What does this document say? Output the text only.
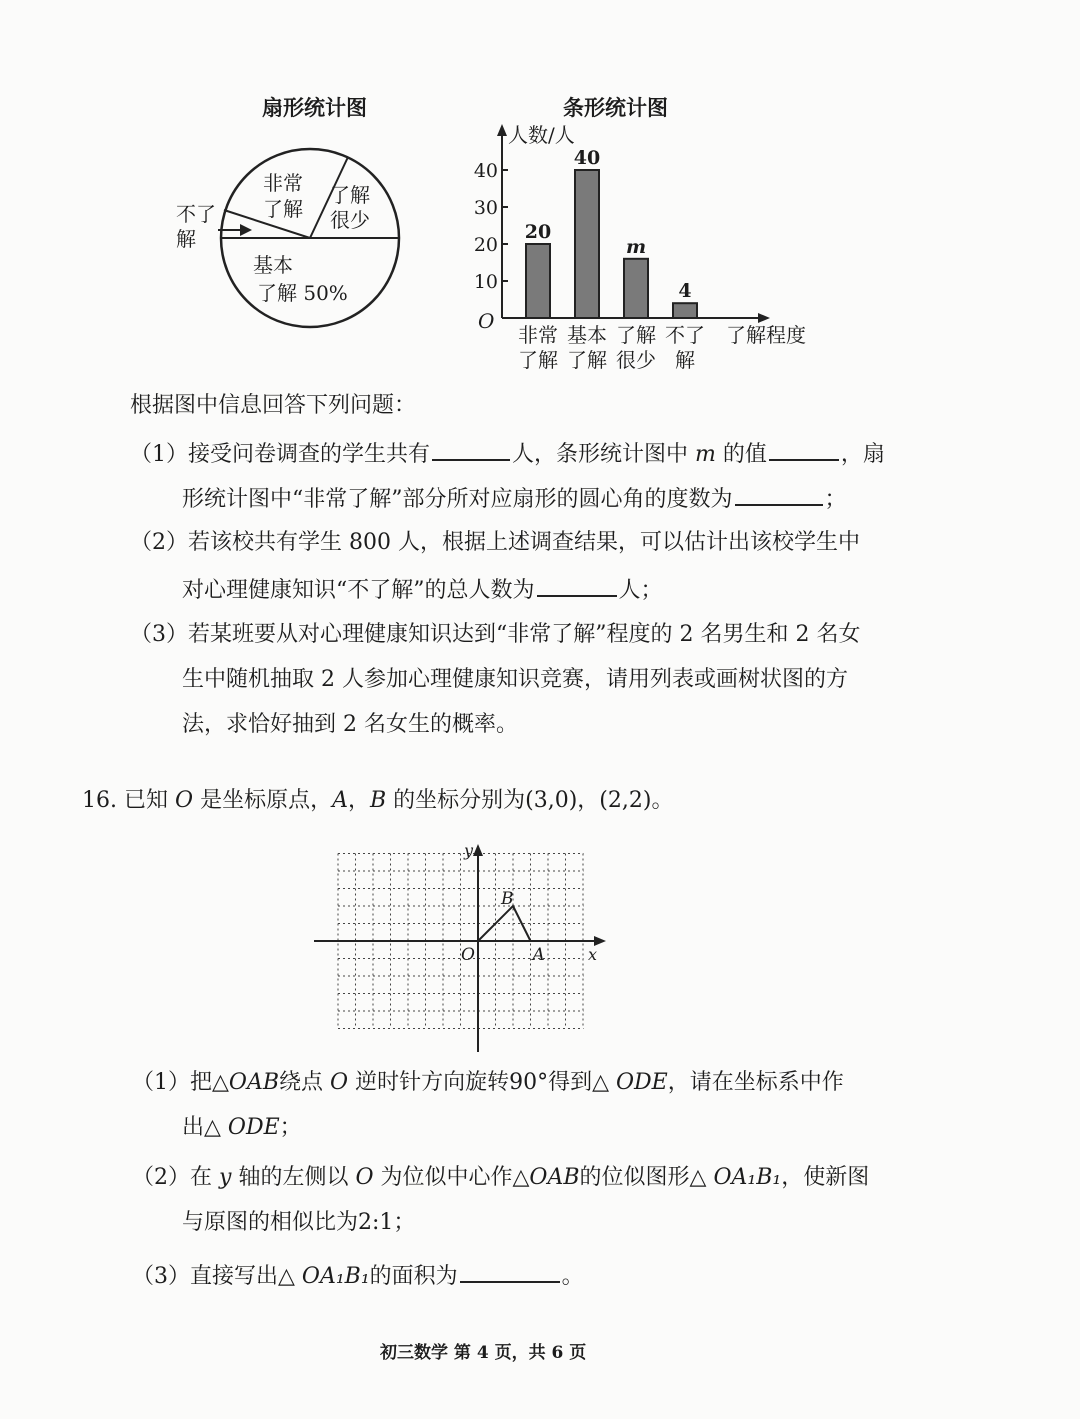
扇形统计图
非常
了解
了解
很少
不了
解
基本
了解 50%
条形统计图
人数/人
了解程度
O
10
20
30
40
20
非常
了解
40
基本
了解
m
了解
很少
4
不了
解
根据图中信息回答下列问题：
（1）接受问卷调查的学生共有	人，条形统计图中 m 的值	，扇
形统计图中“非常了解”部分所对应扇形的圆心角的度数为	；
（2）若该校共有学生 800 人，根据上述调查结果，可以估计出该校学生中
对心理健康知识“不了解”的总人数为	人；
（3）若某班要从对心理健康知识达到“非常了解”程度的 2 名男生和 2 名女
生中随机抽取 2 人参加心理健康知识竞赛，请用列表或画树状图的方
法，求恰好抽到 2 名女生的概率。
16. 已知 O 是坐标原点，A，B 的坐标分别为(3,0)，(2,2)。
y
x
O	A
B
（1）把△OAB绕点 O 逆时针方向旋转90°得到△ ODE，请在坐标系中作
出△ ODE；
（2）在 y 轴的左侧以 O 为位似中心作△OAB的位似图形△ OA₁B₁，使新图
与原图的相似比为2:1；
（3）直接写出△ OA₁B₁的面积为	。
初三数学 第 4 页，共 6 页
